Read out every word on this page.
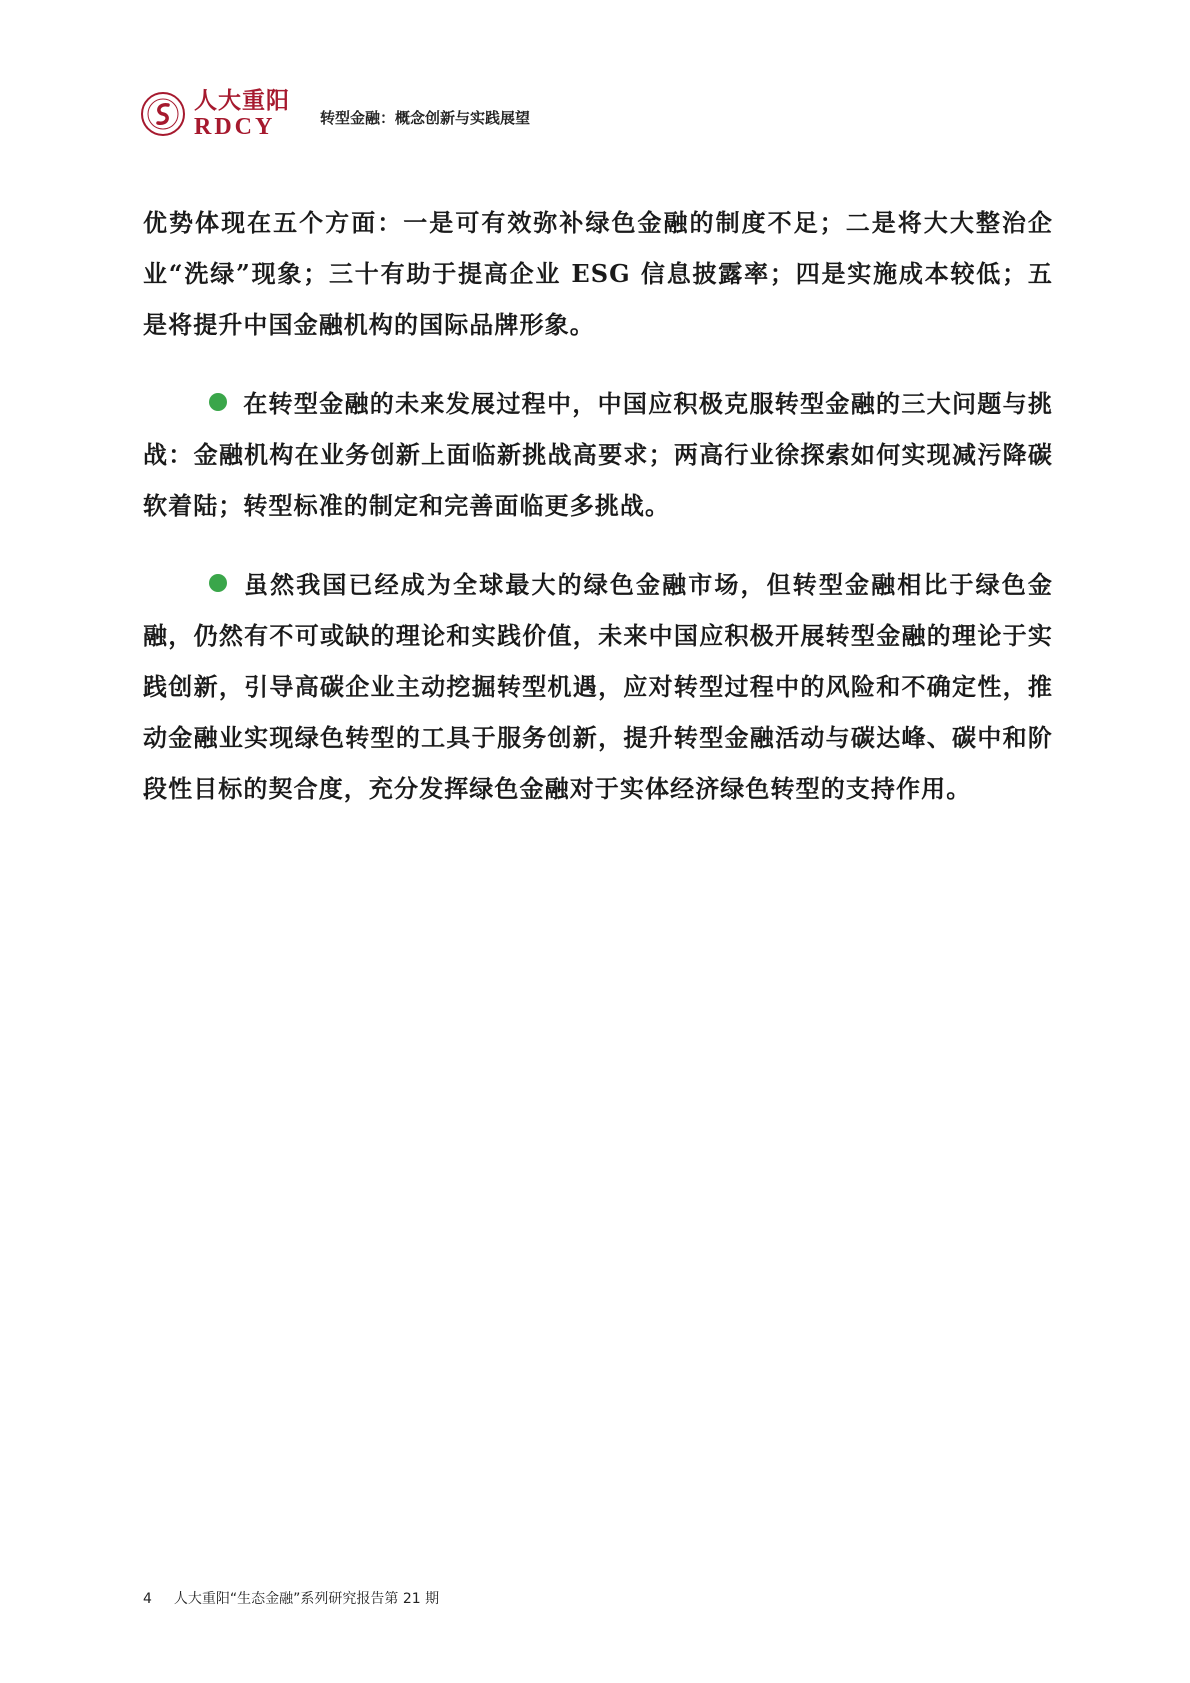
人大重阳
RDCY	转型金融：概念创新与实践展望

优势体现在五个方面：一是可有效弥补绿色金融的制度不足；二是将大大整治企业“洗绿”现象；三十有助于提高企业 ESG 信息披露率；四是实施成本较低；五是将提升中国金融机构的国际品牌形象。

在转型金融的未来发展过程中，中国应积极克服转型金融的三大问题与挑战：金融机构在业务创新上面临新挑战高要求；两高行业徐探索如何实现减污降碳软着陆；转型标准的制定和完善面临更多挑战。

虽然我国已经成为全球最大的绿色金融市场，但转型金融相比于绿色金融，仍然有不可或缺的理论和实践价值，未来中国应积极开展转型金融的理论于实践创新，引导高碳企业主动挖掘转型机遇，应对转型过程中的风险和不确定性，推动金融业实现绿色转型的工具于服务创新，提升转型金融活动与碳达峰、碳中和阶段性目标的契合度，充分发挥绿色金融对于实体经济绿色转型的支持作用。

4 人大重阳“生态金融”系列研究报告第 21 期
